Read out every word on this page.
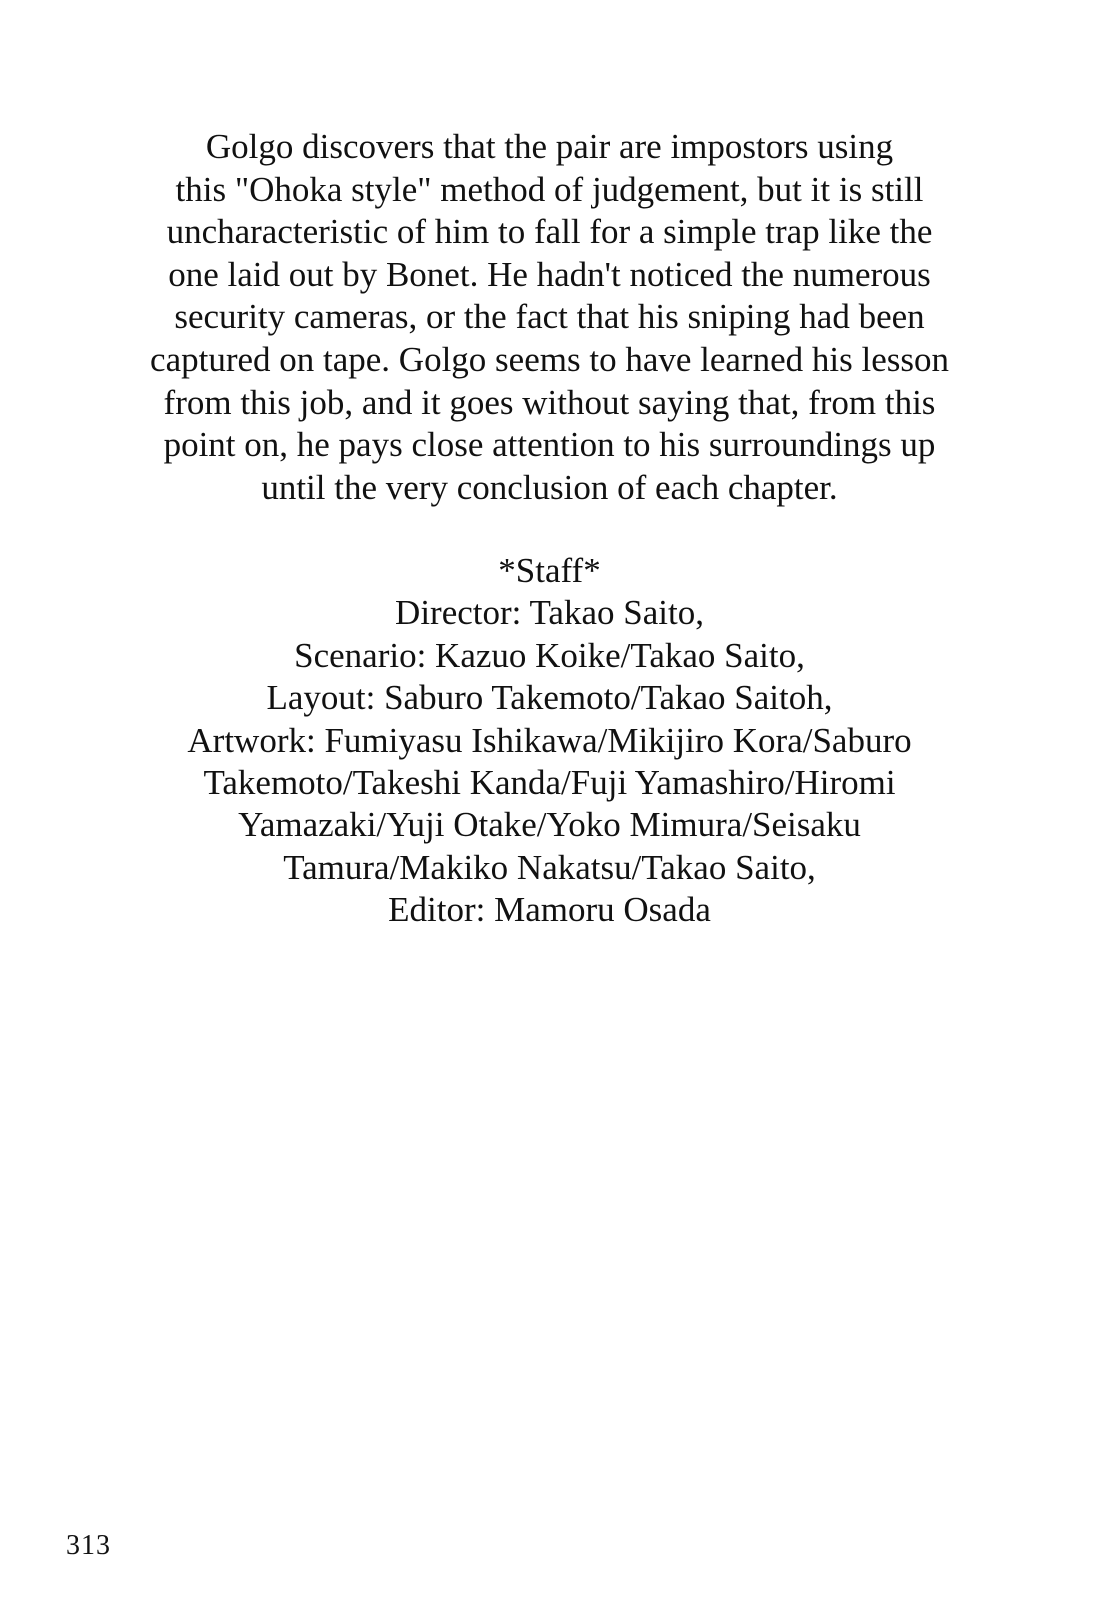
Golgo discovers that the pair are impostors using
this "Ohoka style" method of judgement, but it is still
uncharacteristic of him to fall for a simple trap like the
one laid out by Bonet. He hadn't noticed the numerous
security cameras, or the fact that his sniping had been
captured on tape. Golgo seems to have learned his lesson
from this job, and it goes without saying that, from this
point on, he pays close attention to his surroundings up
until the very conclusion of each chapter.
*Staff*
Director: Takao Saito,
Scenario: Kazuo Koike/Takao Saito,
Layout: Saburo Takemoto/Takao Saitoh,
Artwork: Fumiyasu Ishikawa/Mikijiro Kora/Saburo
Takemoto/Takeshi Kanda/Fuji Yamashiro/Hiromi
Yamazaki/Yuji Otake/Yoko Mimura/Seisaku
Tamura/Makiko Nakatsu/Takao Saito,
Editor: Mamoru Osada
313
